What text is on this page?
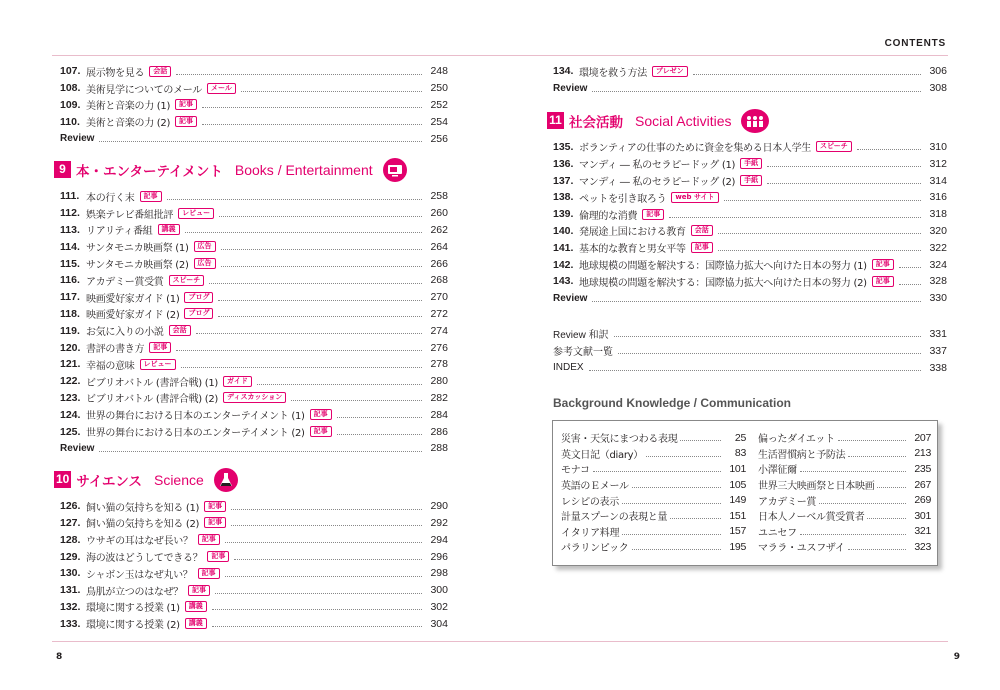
CONTENTS
107. 展示物を見る	会話	248
108. 美術見学についてのメール	メール	250
109. 美術と音楽の力 (1)	記事	252
110. 美術と音楽の力 (2)	記事	254
Review	256
9 本・エンターテイメント Books / Entertainment
111. 本の行く末	記事	258
112. 娯楽テレビ番組批評	レビュー	260
113. リアリティ番組	講義	262
114. サンタモニカ映画祭 (1)	広告	264
115. サンタモニカ映画祭 (2)	広告	266
116. アカデミー賞受賞	スピーチ	268
117. 映画愛好家ガイド (1)	ブログ	270
118. 映画愛好家ガイド (2)	ブログ	272
119. お気に入りの小説	会話	274
120. 書評の書き方	記事	276
121. 幸福の意味	レビュー	278
122. ビブリオバトル (書評合戦) (1)	ガイド	280
123. ビブリオバトル (書評合戦) (2)	ディスカッション	282
124. 世界の舞台における日本のエンターテイメント (1)	記事	284
125. 世界の舞台における日本のエンターテイメント (2)	記事	286
Review	288
10 サイエンス Science
126. 飼い猫の気持ちを知る (1)	記事	290
127. 飼い猫の気持ちを知る (2)	記事	292
128. ウサギの耳はなぜ長い？	記事	294
129. 海の波はどうしてできる？	記事	296
130. シャボン玉はなぜ丸い？	記事	298
131. 鳥肌が立つのはなぜ？	記事	300
132. 環境に関する授業 (1)	講義	302
133. 環境に関する授業 (2)	講義	304
134. 環境を救う方法	プレゼン	306
Review	308
11 社会活動 Social Activities
135. ボランティアの仕事のために資金を集める日本人学生	スピーチ	310
136. マンディ ― 私のセラピードッグ (1)	手紙	312
137. マンディ ― 私のセラピードッグ (2)	手紙	314
138. ペットを引き取ろう	web サイト	316
139. 倫理的な消費	記事	318
140. 発展途上国における教育	会話	320
141. 基本的な教育と男女平等	記事	322
142. 地球規模の問題を解決する：国際協力拡大へ向けた日本の努力 (1)	記事	324
143. 地球規模の問題を解決する：国際協力拡大へ向けた日本の努力 (2)	記事	328
Review	330
Review 和訳	331
参考文献一覧	337
INDEX	338
Background Knowledge / Communication
災害・天気にまつわる表現	25
英文日記（diary）	83
モナコ	101
英語のＥメール	105
レシピの表示	149
計量スプーンの表現と量	151
イタリア料理	157
パラリンピック	195
偏ったダイエット	207
生活習慣病と予防法	213
小澤征爾	235
世界三大映画祭と日本映画	267
アカデミー賞	269
日本人ノーベル賞受賞者	301
ユニセフ	321
マララ・ユスフザイ	323
8	9
